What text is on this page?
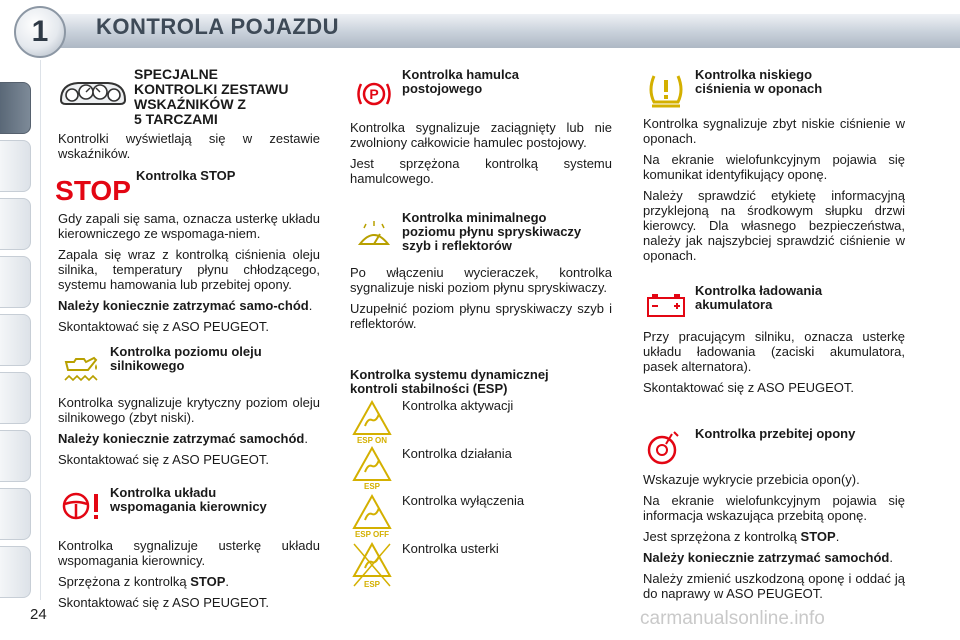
KONTROLA POJAZDU
1
SPECJALNE
KONTROLKI ZESTAWU
WSKAŹNIKÓW Z
5 TARCZAMI

Kontrolki wyświetlają się w zestawie wskaźników.

STOP Kontrolka STOP

Gdy zapali się sama, oznacza usterkę układu kierowniczego ze wspomaga-niem.

Zapala się wraz z kontrolką ciśnienia oleju silnika, temperatury płynu chłodzącego, systemu hamowania lub przebitej opony.

Należy koniecznie zatrzymać samo-chód.

Skontaktować się z ASO PEUGEOT.

Kontrolka poziomu oleju
silnikowego

Kontrolka sygnalizuje krytyczny poziom oleju silnikowego (zbyt niski).

Należy koniecznie zatrzymać samochód.

Skontaktować się z ASO PEUGEOT.

Kontrolka układu
wspomagania kierownicy

Kontrolka sygnalizuje usterkę układu wspomagania kierownicy.

Sprzężona z kontrolką STOP.

Skontaktować się z ASO PEUGEOT.

P
Kontrolka hamulca
postojowego

Kontrolka sygnalizuje zaciągnięty lub nie zwolniony całkowicie hamulec postojowy.

Jest sprzężona kontrolką systemu hamulcowego.

Kontrolka minimalnego
poziomu płynu spryskiwaczy
szyb i reflektorów

Po włączeniu wycieraczek, kontrolka sygnalizuje niski poziom płynu spryskiwaczy.

Uzupełnić poziom płynu spryskiwaczy szyb i reflektorów.

Kontrolka systemu dynamicznej
kontroli stabilności (ESP)
ESP ON
Kontrolka aktywacji
ESP
Kontrolka działania
ESP OFF
Kontrolka wyłączenia
ESP
Kontrolka usterki
Kontrolka niskiego
ciśnienia w oponach

Kontrolka sygnalizuje zbyt niskie ciśnienie w oponach.

Na ekranie wielofunkcyjnym pojawia się komunikat identyfikujący oponę.

Należy sprawdzić etykietę informacyjną przyklejoną na środkowym słupku drzwi kierowcy. Dla własnego bezpieczeństwa, należy jak najszybciej sprawdzić ciśnienie w oponach.

Kontrolka ładowania
akumulatora

Przy pracującym silniku, oznacza usterkę układu ładowania (zaciski akumulatora, pasek alternatora).

Skontaktować się z ASO PEUGEOT.

Kontrolka przebitej opony

Wskazuje wykrycie przebicia opon(y).

Na ekranie wielofunkcyjnym pojawia się informacja wskazująca przebitą oponę.

Jest sprzężona z kontrolką STOP.

Należy koniecznie zatrzymać samochód.

Należy zmienić uszkodzoną oponę i oddać ją do naprawy w ASO PEUGEOT.

24	carmanualsonline.info
